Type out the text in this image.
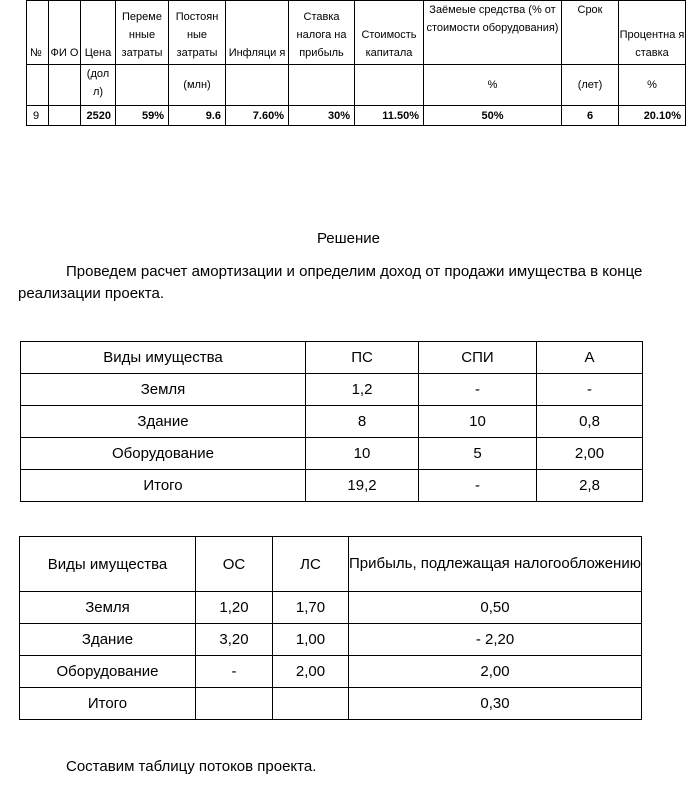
№	ФИ О	Цена	Переме нные затраты	Постоян ные затраты	Инфляци я	Ставка налога на прибыль	Стоимость капитала	Заёмеые средства (% от стоимости оборудования)	Срок	Процентна я ставка
		(дол л)		(млн)				%	(лет)	%
9		2520	59%	9.6	7.60%	30%	11.50%	50%	6	20.10%
Решение
Проведем расчет амортизации и определим доход от продажи имущества в конце реализации проекта.
Виды имущества	ПС	СПИ	А
Земля	1,2	-	-
Здание	8	10	0,8
Оборудование	10	5	2,00
Итого	19,2	-	2,8
Виды имущества	ОС	ЛС	Прибыль, подлежащая налогообложению
Земля	1,20	1,70	0,50
Здание	3,20	1,00	- 2,20
Оборудование	-	2,00	2,00
Итого			0,30
Составим таблицу потоков проекта.
